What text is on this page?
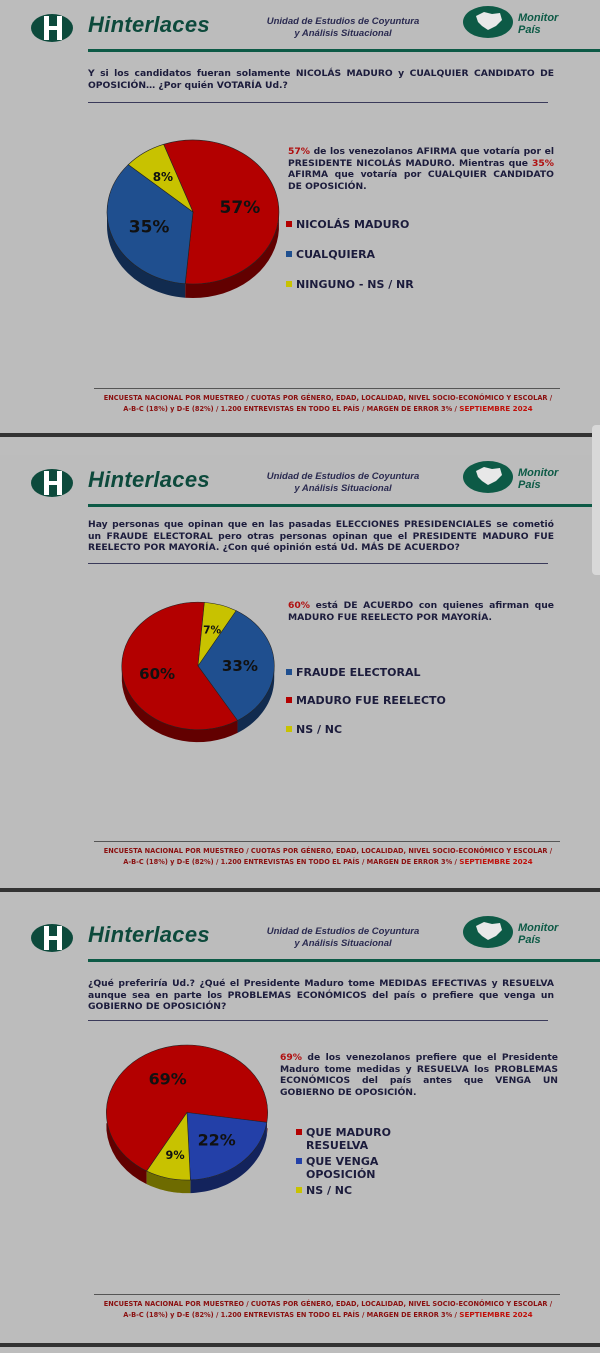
Hinterlaces	Unidad de Estudios de Coyuntura
y Análisis Situacional
Monitor
País
Y si los candidatos fueran solamente NICOLÁS MADURO y CUALQUIER CANDIDATO DE OPOSICIÓN… ¿Por quién VOTARÍA Ud.?
57%
35%
8%
57% de los venezolanos AFIRMA que votaría por el PRESIDENTE NICOLÁS MADURO. Mientras que 35% AFIRMA que votaría por CUALQUIER CANDIDATO DE OPOSICIÓN.
NICOLÁS MADURO
CUALQUIERA
NINGUNO - NS / NR
ENCUESTA NACIONAL POR MUESTREO / CUOTAS POR GÉNERO, EDAD, LOCALIDAD, NIVEL SOCIO-ECONÓMICO Y ESCOLAR /
A-B-C (18%) y D-E (82%) / 1.200 ENTREVISTAS EN TODO EL PAÍS / MARGEN DE ERROR 3% / SEPTIEMBRE 2024
Hinterlaces	Unidad de Estudios de Coyuntura
y Análisis Situacional
Monitor
País
Hay personas que opinan que en las pasadas ELECCIONES PRESIDENCIALES se cometió un FRAUDE ELECTORAL pero otras personas opinan que el PRESIDENTE MADURO FUE REELECTO POR MAYORÍA. ¿Con qué opinión está Ud. MÁS DE ACUERDO?
33%
60%
7%
60% está DE ACUERDO con quienes afirman que MADURO FUE REELECTO POR MAYORÍA.
FRAUDE ELECTORAL
MADURO FUE REELECTO
NS / NC
ENCUESTA NACIONAL POR MUESTREO / CUOTAS POR GÉNERO, EDAD, LOCALIDAD, NIVEL SOCIO-ECONÓMICO Y ESCOLAR /
A-B-C (18%) y D-E (82%) / 1.200 ENTREVISTAS EN TODO EL PAÍS / MARGEN DE ERROR 3% / SEPTIEMBRE 2024
Hinterlaces	Unidad de Estudios de Coyuntura
y Análisis Situacional
Monitor
País
¿Qué preferiría Ud.? ¿Qué el Presidente Maduro tome MEDIDAS EFECTIVAS y RESUELVA aunque sea en parte los PROBLEMAS ECONÓMICOS del país o prefiere que venga un GOBIERNO DE OPOSICIÓN?
69%
22%
9%
69% de los venezolanos prefiere que el Presidente Maduro tome medidas y RESUELVA los PROBLEMAS ECONÓMICOS del país antes que VENGA UN GOBIERNO DE OPOSICIÓN.
QUE MADURO RESUELVA
QUE VENGA OPOSICIÓN
NS / NC
ENCUESTA NACIONAL POR MUESTREO / CUOTAS POR GÉNERO, EDAD, LOCALIDAD, NIVEL SOCIO-ECONÓMICO Y ESCOLAR /
A-B-C (18%) y D-E (82%) / 1.200 ENTREVISTAS EN TODO EL PAÍS / MARGEN DE ERROR 3% / SEPTIEMBRE 2024
